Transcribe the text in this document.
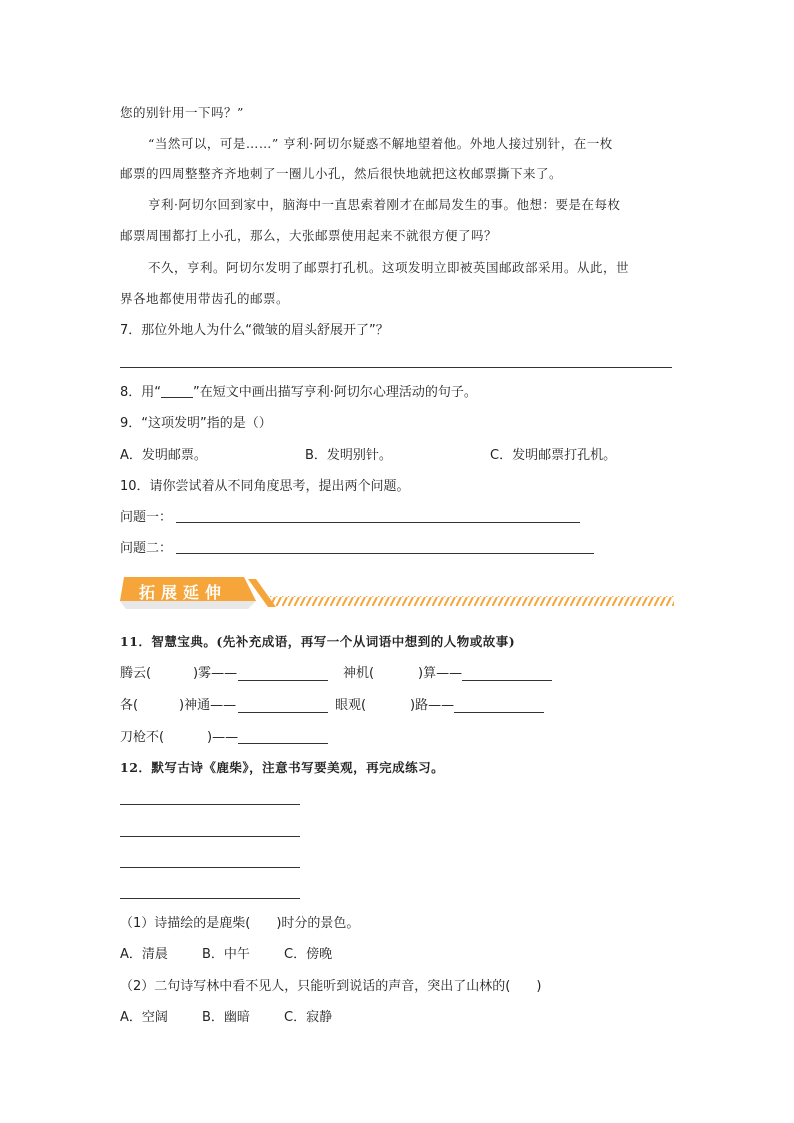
您的别针用一下吗？”
“当然可以，可是……” 亨利·阿切尔疑惑不解地望着他。外地人接过别针，在一枚
邮票的四周整整齐齐地刺了一圈儿小孔，然后很快地就把这枚邮票撕下来了。
亨利·阿切尔回到家中，脑海中一直思索着刚才在邮局发生的事。他想：要是在每枚
邮票周围都打上小孔，那么，大张邮票使用起来不就很方便了吗？
不久，亨利。阿切尔发明了邮票打孔机。这项发明立即被英国邮政部采用。从此，世
界各地都使用带齿孔的邮票。
7．那位外地人为什么“微皱的眉头舒展开了”？
8．用“ ”在短文中画出描写亨利·阿切尔心理活动的句子。
9．“这项发明”指的是（）
A．发明邮票。	B．发明别针。	C．发明邮票打孔机。
10．请你尝试着从不同角度思考，提出两个问题。
问题一：
问题二：
拓展延伸
11．智慧宝典。(先补充成语，再写一个从词语中想到的人物或故事)
腾云(	)雾——	神机(	)算——
各(	)神通——	眼观(	)路——
刀枪不(	)——
12．默写古诗《鹿柴》，注意书写要美观，再完成练习。
（1）诗描绘的是鹿柴(　　)时分的景色。
A．清晨	B．中午	C．傍晚
（2）二句诗写林中看不见人，只能听到说话的声音，突出了山林的(　　)
A．空阔	B．幽暗	C．寂静
